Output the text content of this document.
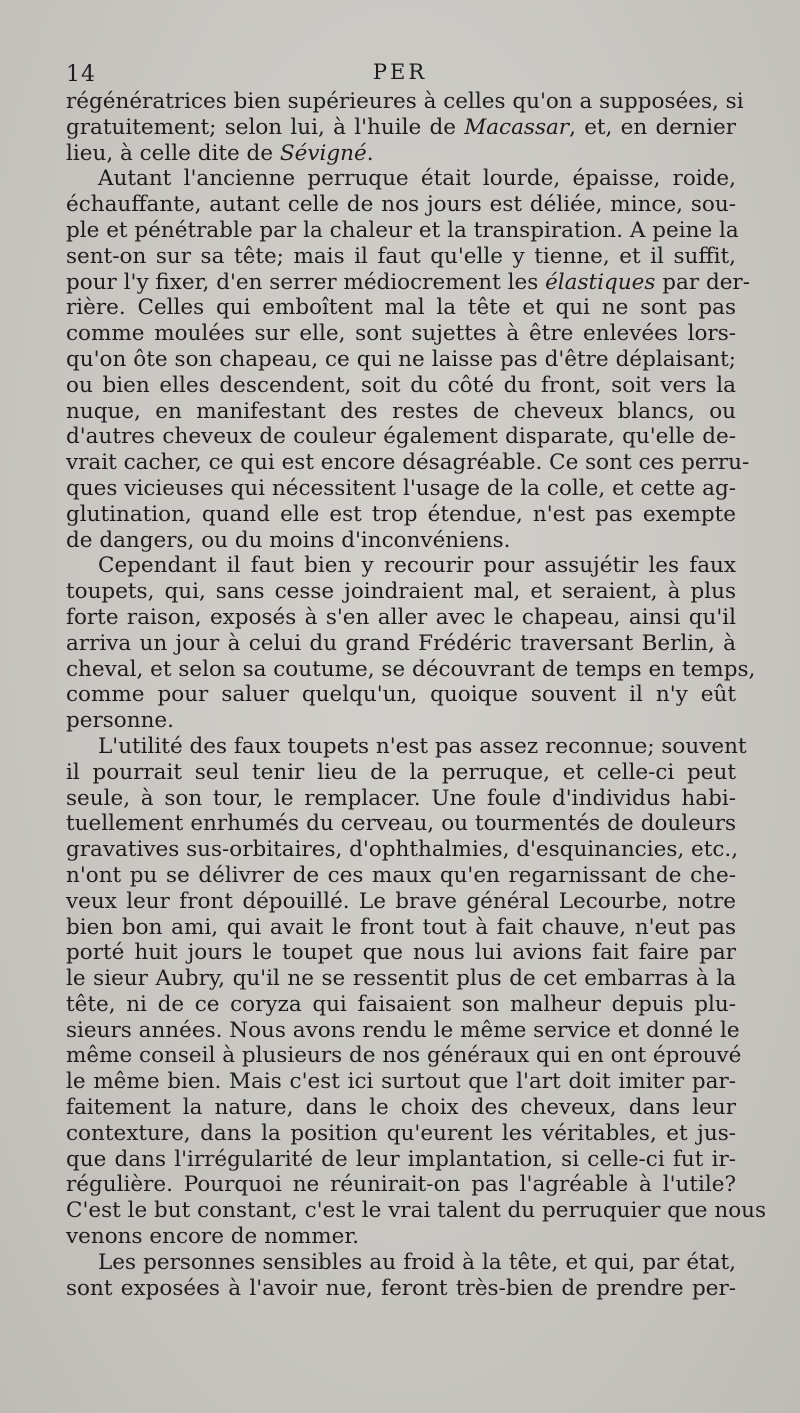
14	PER

régénératrices bien supérieures à celles qu'on a supposées, si
gratuitement; selon lui, à l'huile de Macassar, et, en dernier
lieu, à celle dite de Sévigné.

Autant l'ancienne perruque était lourde, épaisse, roide,
échauffante, autant celle de nos jours est déliée, mince, sou-
ple et pénétrable par la chaleur et la transpiration. A peine la
sent-on sur sa tête; mais il faut qu'elle y tienne, et il suffit,
pour l'y fixer, d'en serrer médiocrement les élastiques par der-
rière. Celles qui emboîtent mal la tête et qui ne sont pas
comme moulées sur elle, sont sujettes à être enlevées lors-
qu'on ôte son chapeau, ce qui ne laisse pas d'être déplaisant;
ou bien elles descendent, soit du côté du front, soit vers la
nuque, en manifestant des restes de cheveux blancs, ou
d'autres cheveux de couleur également disparate, qu'elle de-
vrait cacher, ce qui est encore désagréable. Ce sont ces perru-
ques vicieuses qui nécessitent l'usage de la colle, et cette ag-
glutination, quand elle est trop étendue, n'est pas exempte
de dangers, ou du moins d'inconvéniens.

Cependant il faut bien y recourir pour assujétir les faux
toupets, qui, sans cesse joindraient mal, et seraient, à plus
forte raison, exposés à s'en aller avec le chapeau, ainsi qu'il
arriva un jour à celui du grand Frédéric traversant Berlin, à
cheval, et selon sa coutume, se découvrant de temps en temps,
comme pour saluer quelqu'un, quoique souvent il n'y eût
personne.

L'utilité des faux toupets n'est pas assez reconnue; souvent
il pourrait seul tenir lieu de la perruque, et celle-ci peut
seule, à son tour, le remplacer. Une foule d'individus habi-
tuellement enrhumés du cerveau, ou tourmentés de douleurs
gravatives sus-orbitaires, d'ophthalmies, d'esquinancies, etc.,
n'ont pu se délivrer de ces maux qu'en regarnissant de che-
veux leur front dépouillé. Le brave général Lecourbe, notre
bien bon ami, qui avait le front tout à fait chauve, n'eut pas
porté huit jours le toupet que nous lui avions fait faire par
le sieur Aubry, qu'il ne se ressentit plus de cet embarras à la
tête, ni de ce coryza qui faisaient son malheur depuis plu-
sieurs années. Nous avons rendu le même service et donné le
même conseil à plusieurs de nos généraux qui en ont éprouvé
le même bien. Mais c'est ici surtout que l'art doit imiter par-
faitement la nature, dans le choix des cheveux, dans leur
contexture, dans la position qu'eurent les véritables, et jus-
que dans l'irrégularité de leur implantation, si celle-ci fut ir-
régulière. Pourquoi ne réunirait-on pas l'agréable à l'utile?
C'est le but constant, c'est le vrai talent du perruquier que nous
venons encore de nommer.

Les personnes sensibles au froid à la tête, et qui, par état,
sont exposées à l'avoir nue, feront très-bien de prendre per-
